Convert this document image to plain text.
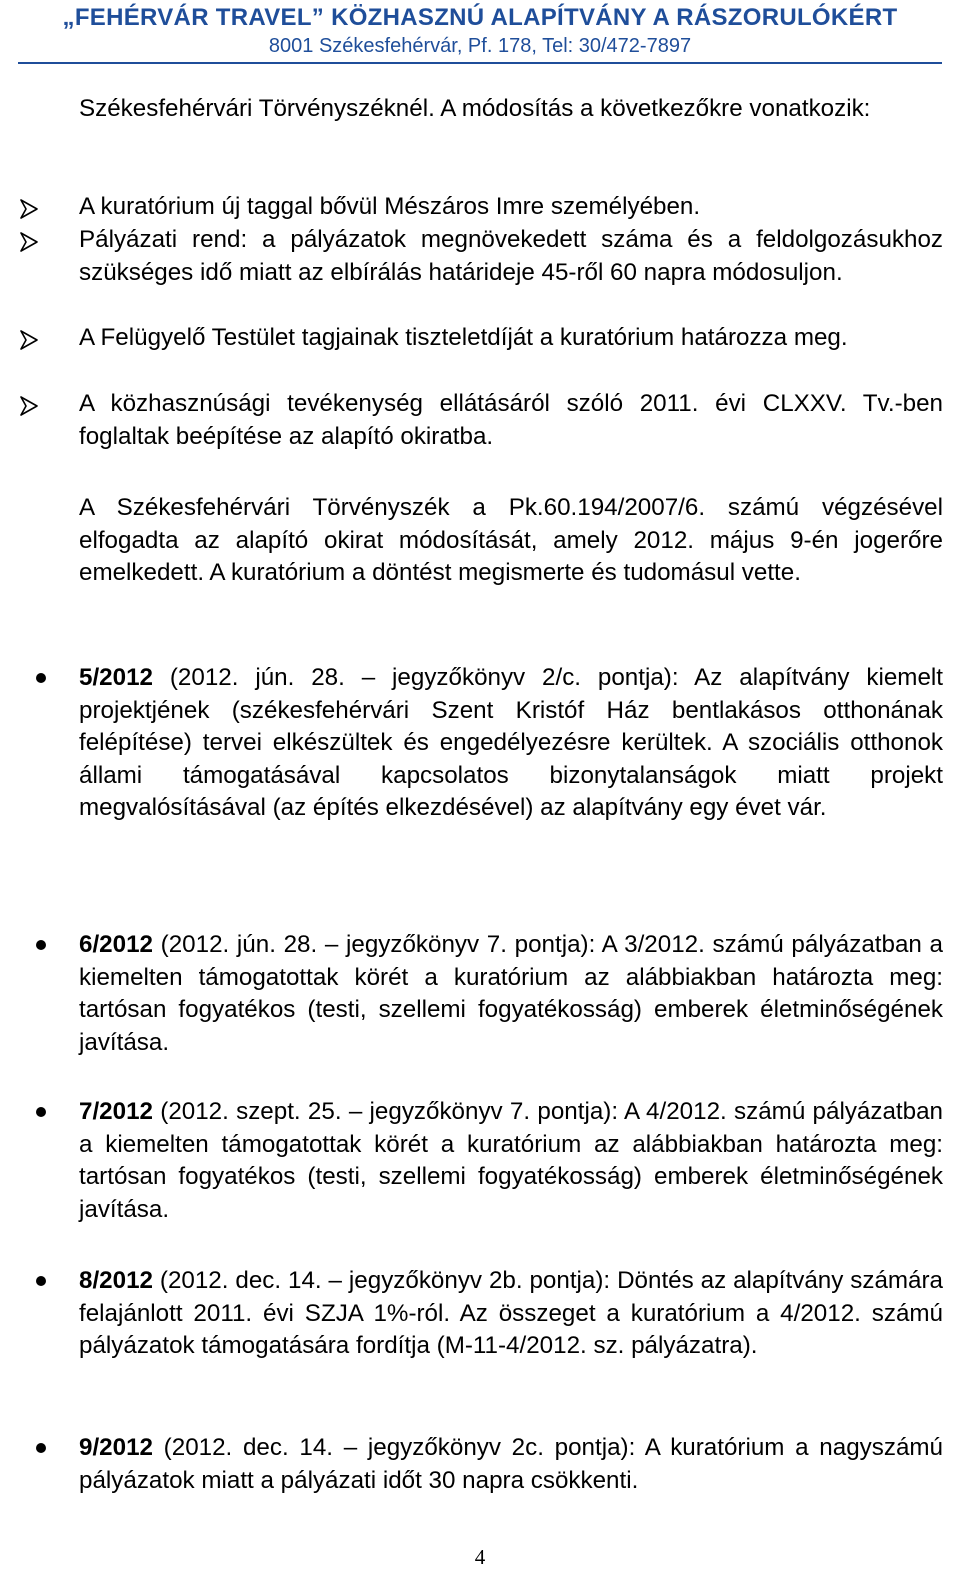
„FEHÉRVÁR TRAVEL” KÖZHASZNÚ ALAPÍTVÁNY A RÁSZORULÓKÉRT
8001 Székesfehérvár, Pf. 178, Tel: 30/472-7897
Székesfehérvári Törvényszéknél. A módosítás a következőkre vonatkozik:
A kuratórium új taggal bővül Mészáros Imre személyében.
Pályázati rend: a pályázatok megnövekedett száma és a feldolgozásukhoz szükséges idő miatt az elbírálás határideje 45-ről 60 napra módosuljon.
A Felügyelő Testület tagjainak tiszteletdíját a kuratórium határozza meg.
A közhasznúsági tevékenység ellátásáról szóló 2011. évi CLXXV. Tv.-ben foglaltak beépítése az alapító okiratba.
A Székesfehérvári Törvényszék a Pk.60.194/2007/6. számú végzésével elfogadta az alapító okirat módosítását, amely 2012. május 9-én jogerőre emelkedett. A kuratórium a döntést megismerte és tudomásul vette.
5/2012 (2012. jún. 28. – jegyzőkönyv 2/c. pontja): Az alapítvány kiemelt projektjének (székesfehérvári Szent Kristóf Ház bentlakásos otthonának felépítése) tervei elkészültek és engedélyezésre kerültek. A szociális otthonok állami támogatásával kapcsolatos bizonytalanságok miatt projekt megvalósításával (az építés elkezdésével) az alapítvány egy évet vár.
6/2012 (2012. jún. 28. – jegyzőkönyv 7. pontja): A 3/2012. számú pályázatban a kiemelten támogatottak körét a kuratórium az alábbiakban határozta meg: tartósan fogyatékos (testi, szellemi fogyatékosság) emberek életminőségének javítása.
7/2012 (2012. szept. 25. – jegyzőkönyv 7. pontja): A 4/2012. számú pályázatban a kiemelten támogatottak körét a kuratórium az alábbiakban határozta meg: tartósan fogyatékos (testi, szellemi fogyatékosság) emberek életminőségének javítása.
8/2012 (2012. dec. 14. – jegyzőkönyv 2b. pontja): Döntés az alapítvány számára felajánlott 2011. évi SZJA 1%-ról. Az összeget a kuratórium a 4/2012. számú pályázatok támogatására fordítja (M-11-4/2012. sz. pályázatra).
9/2012 (2012. dec. 14. – jegyzőkönyv 2c. pontja): A kuratórium a nagyszámú pályázatok miatt a pályázati időt 30 napra csökkenti.
4
